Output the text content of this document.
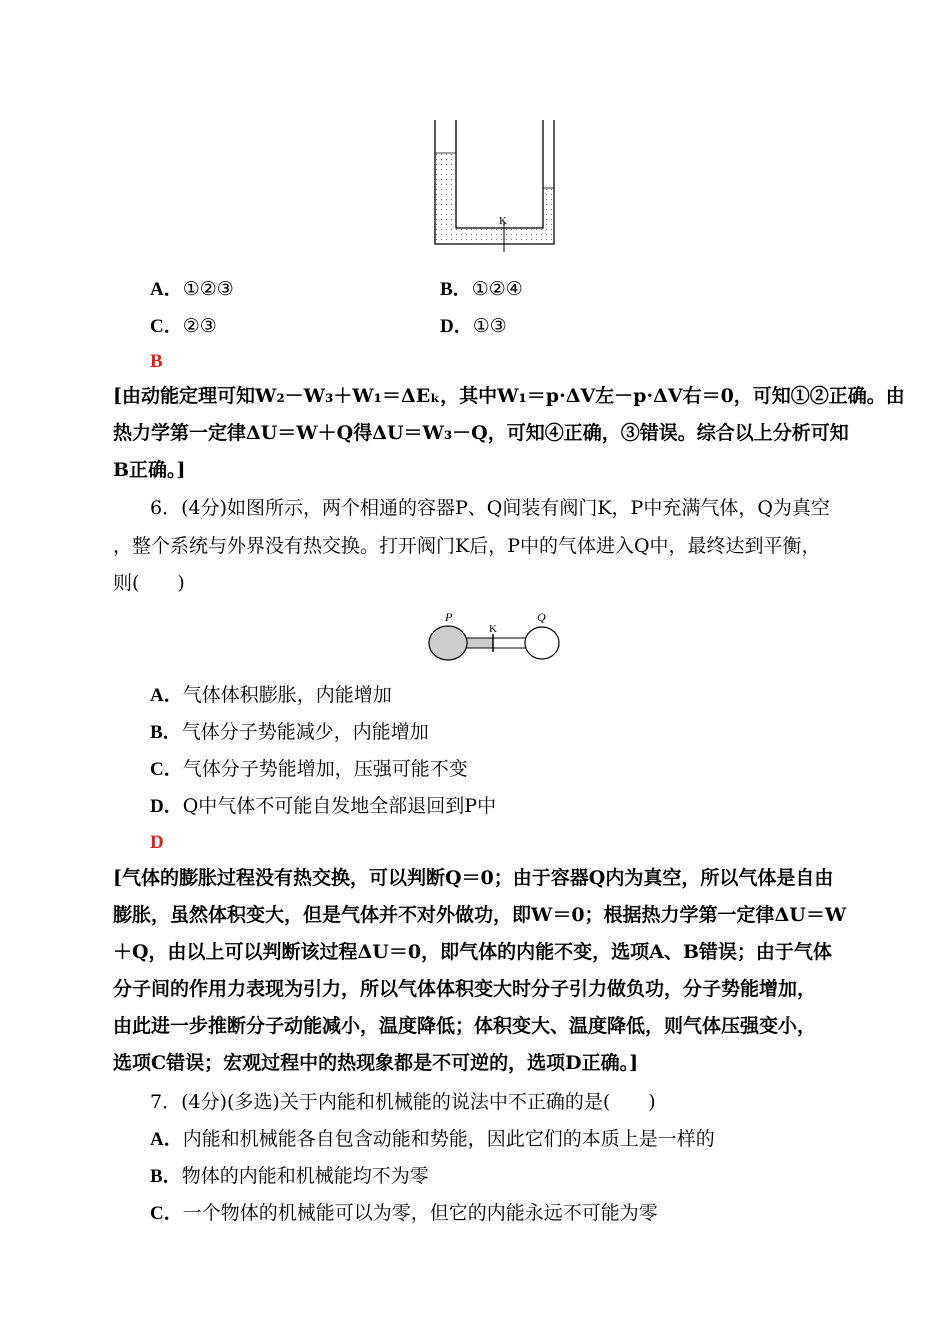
K
A．①②③	B．①②④
C．②③	D．①③
B
[由动能定理可知W₂－W₃＋W₁＝ΔEₖ，其中W₁＝p·ΔV左－p·ΔV右＝0，可知①②正确。由
热力学第一定律ΔU＝W＋Q得ΔU＝W₃－Q，可知④正确，③错误。综合以上分析可知
B正确。]
6．(4分)如图所示，两个相通的容器P、Q间装有阀门K，P中充满气体，Q为真空
，整个系统与外界没有热交换。打开阀门K后，P中的气体进入Q中，最终达到平衡，
则(　　)
P
K
Q
A．气体体积膨胀，内能增加
B．气体分子势能减少，内能增加
C．气体分子势能增加，压强可能不变
D．Q中气体不可能自发地全部退回到P中
D
[气体的膨胀过程没有热交换，可以判断Q＝0；由于容器Q内为真空，所以气体是自由
膨胀，虽然体积变大，但是气体并不对外做功，即W＝0；根据热力学第一定律ΔU＝W
＋Q，由以上可以判断该过程ΔU＝0，即气体的内能不变，选项A、B错误；由于气体
分子间的作用力表现为引力，所以气体体积变大时分子引力做负功，分子势能增加，
由此进一步推断分子动能减小，温度降低；体积变大、温度降低，则气体压强变小，
选项C错误；宏观过程中的热现象都是不可逆的，选项D正确。]
7．(4分)(多选)关于内能和机械能的说法中不正确的是(　　)
A．内能和机械能各自包含动能和势能，因此它们的本质上是一样的
B．物体的内能和机械能均不为零
C．一个物体的机械能可以为零，但它的内能永远不可能为零
